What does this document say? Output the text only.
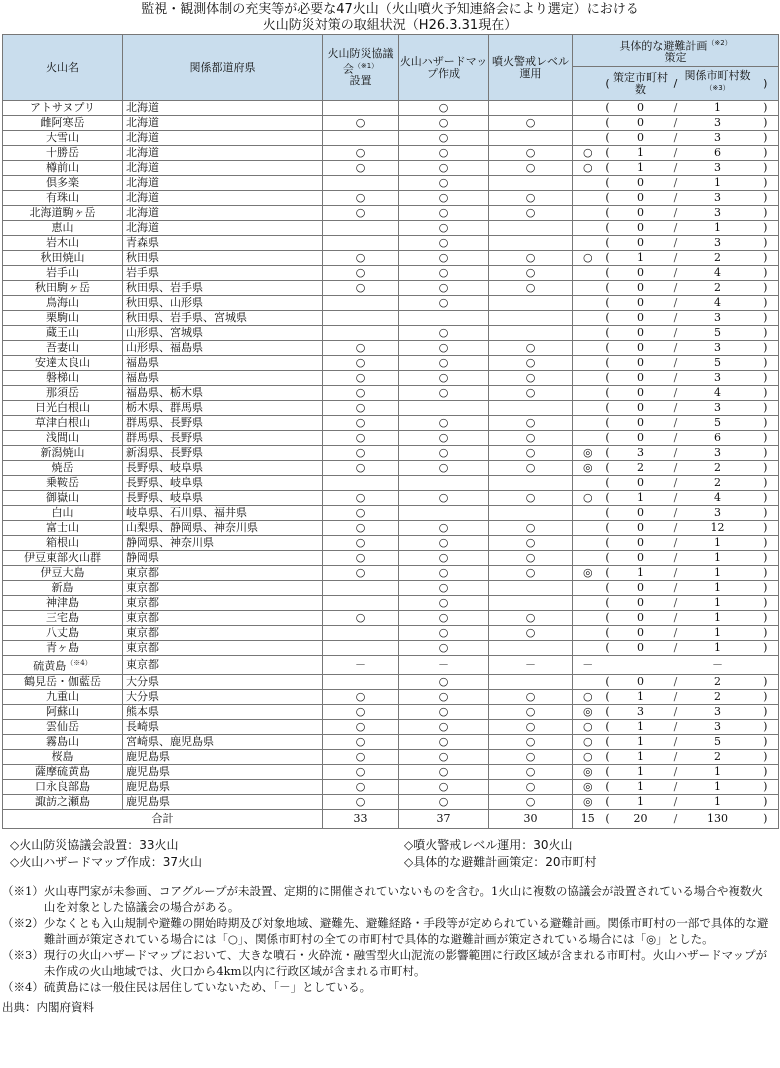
監視・観測体制の充実等が必要な47火山（火山噴火予知連絡会により選定）における
火山防災対策の取組状況（H26.3.31現在）
火山名	関係都道府県	火山防災協議会$^{(※1)}$
設置	火山ハザードマップ作成	噴火警戒レベル運用	具体的な避難計画$^{(※2)}$
策定					
						(	策定市町村数	/	関係市町村数$^{(※3)}$	)
アトサヌプリ	北海道		○			(	0	/	1	)
雌阿寒岳	北海道	○	○	○		(	0	/	3	)
大雪山	北海道		○			(	0	/	3	)
十勝岳	北海道	○	○	○	○	(	1	/	6	)
樽前山	北海道	○	○	○	○	(	1	/	3	)
倶多楽	北海道		○			(	0	/	1	)
有珠山	北海道	○	○	○		(	0	/	3	)
北海道駒ヶ岳	北海道	○	○	○		(	0	/	3	)
恵山	北海道		○			(	0	/	1	)
岩木山	青森県		○			(	0	/	3	)
秋田焼山	秋田県	○	○	○	○	(	1	/	2	)
岩手山	岩手県	○	○	○		(	0	/	4	)
秋田駒ヶ岳	秋田県、岩手県	○	○	○		(	0	/	2	)
鳥海山	秋田県、山形県		○			(	0	/	4	)
栗駒山	秋田県、岩手県、宮城県					(	0	/	3	)
蔵王山	山形県、宮城県		○			(	0	/	5	)
吾妻山	山形県、福島県	○	○	○		(	0	/	3	)
安達太良山	福島県	○	○	○		(	0	/	5	)
磐梯山	福島県	○	○	○		(	0	/	3	)
那須岳	福島県、栃木県	○	○	○		(	0	/	4	)
日光白根山	栃木県、群馬県	○				(	0	/	3	)
草津白根山	群馬県、長野県	○	○	○		(	0	/	5	)
浅間山	群馬県、長野県	○	○	○		(	0	/	6	)
新潟焼山	新潟県、長野県	○	○	○	◎	(	3	/	3	)
焼岳	長野県、岐阜県	○	○	○	◎	(	2	/	2	)
乗鞍岳	長野県、岐阜県					(	0	/	2	)
御嶽山	長野県、岐阜県	○	○	○	○	(	1	/	4	)
白山	岐阜県、石川県、福井県	○				(	0	/	3	)
富士山	山梨県、静岡県、神奈川県	○	○	○		(	0	/	12	)
箱根山	静岡県、神奈川県	○	○	○		(	0	/	1	)
伊豆東部火山群	静岡県	○	○	○		(	0	/	1	)
伊豆大島	東京都	○	○	○	◎	(	1	/	1	)
新島	東京都		○			(	0	/	1	)
神津島	東京都		○			(	0	/	1	)
三宅島	東京都	○	○	○		(	0	/	1	)
八丈島	東京都		○	○		(	0	/	1	)
青ヶ島	東京都		○			(	0	/	1	)
硫黄島$^{(※4)}$	東京都	－	－	－	－				－	
鶴見岳・伽藍岳	大分県		○			(	0	/	2	)
九重山	大分県	○	○	○	○	(	1	/	2	)
阿蘇山	熊本県	○	○	○	◎	(	3	/	3	)
雲仙岳	長崎県	○	○	○	○	(	1	/	3	)
霧島山	宮崎県、鹿児島県	○	○	○	○	(	1	/	5	)
桜島	鹿児島県	○	○	○	○	(	1	/	2	)
薩摩硫黄島	鹿児島県	○	○	○	◎	(	1	/	1	)
口永良部島	鹿児島県	○	○	○	◎	(	1	/	1	)
諏訪之瀬島	鹿児島県	○	○	○	◎	(	1	/	1	)
合計		33	37	30	15	(	20	/	130	)
◇火山防災協議会設置：33火山
◇火山ハザードマップ作成：37火山
◇噴火警戒レベル運用：30火山
◇具体的な避難計画策定：20市町村
（※1） 火山専門家が未参画、コアグループが未設置、定期的に開催されていないものを含む。1火山に複数の協議会が設置されている場合や複数火山を対象とした協議会の場合がある。
（※2） 少なくとも入山規制や避難の開始時期及び対象地域、避難先、避難経路・手段等が定められている避難計画。関係市町村の一部で具体的な避難計画が策定されている場合には「○」、関係市町村の全ての市町村で具体的な避難計画が策定されている場合には「◎」とした。
（※3） 現行の火山ハザードマップにおいて、大きな噴石・火砕流・融雪型火山泥流の影響範囲に行政区域が含まれる市町村。火山ハザードマップが未作成の火山地域では、火口から4km以内に行政区域が含まれる市町村。
（※4） 硫黄島には一般住民は居住していないため、「－」としている。
出典：内閣府資料
